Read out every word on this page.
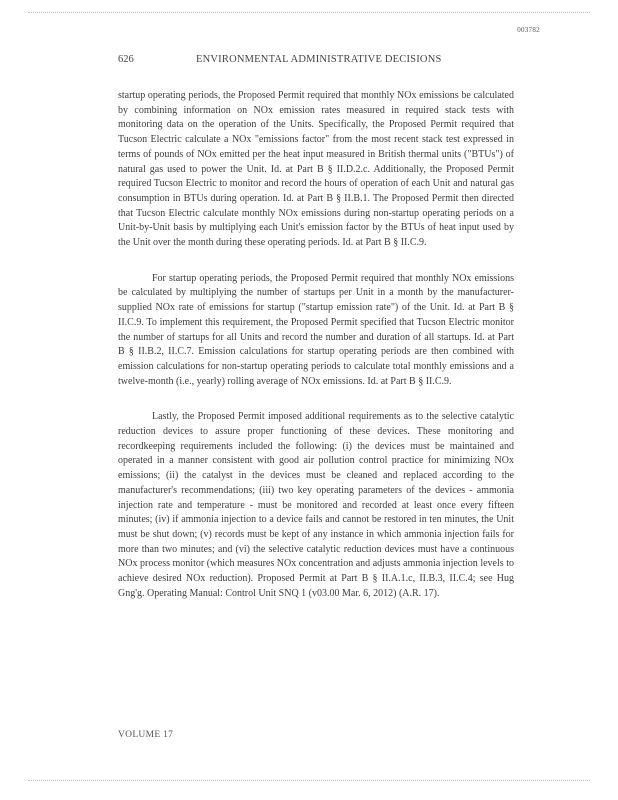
003782
626	ENVIRONMENTAL ADMINISTRATIVE DECISIONS

startup operating periods, the Proposed Permit required that monthly NOx emissions be calculated by combining information on NOx emission rates measured in required stack tests with monitoring data on the operation of the Units. Specifically, the Proposed Permit required that Tucson Electric calculate a NOx "emissions factor" from the most recent stack test expressed in terms of pounds of NOx emitted per the heat input measured in British thermal units ("BTUs") of natural gas used to power the Unit. Id. at Part B § II.D.2.c. Additionally, the Proposed Permit required Tucson Electric to monitor and record the hours of operation of each Unit and natural gas consumption in BTUs during operation. Id. at Part B § II.B.1. The Proposed Permit then directed that Tucson Electric calculate monthly NOx emissions during non-startup operating periods on a Unit-by-Unit basis by multiplying each Unit's emission factor by the BTUs of heat input used by the Unit over the month during these operating periods. Id. at Part B § II.C.9.

For startup operating periods, the Proposed Permit required that monthly NOx emissions be calculated by multiplying the number of startups per Unit in a month by the manufacturer-supplied NOx rate of emissions for startup ("startup emission rate") of the Unit. Id. at Part B § II.C.9. To implement this requirement, the Proposed Permit specified that Tucson Electric monitor the number of startups for all Units and record the number and duration of all startups. Id. at Part B § II.B.2, II.C.7. Emission calculations for startup operating periods are then combined with emission calculations for non-startup operating periods to calculate total monthly emissions and a twelve-month (i.e., yearly) rolling average of NOx emissions. Id. at Part B § II.C.9.

Lastly, the Proposed Permit imposed additional requirements as to the selective catalytic reduction devices to assure proper functioning of these devices. These monitoring and recordkeeping requirements included the following: (i) the devices must be maintained and operated in a manner consistent with good air pollution control practice for minimizing NOx emissions; (ii) the catalyst in the devices must be cleaned and replaced according to the manufacturer's recommendations; (iii) two key operating parameters of the devices - ammonia injection rate and temperature - must be monitored and recorded at least once every fifteen minutes; (iv) if ammonia injection to a device fails and cannot be restored in ten minutes, the Unit must be shut down; (v) records must be kept of any instance in which ammonia injection fails for more than two minutes; and (vi) the selective catalytic reduction devices must have a continuous NOx process monitor (which measures NOx concentration and adjusts ammonia injection levels to achieve desired NOx reduction). Proposed Permit at Part B § II.A.1.c, II.B.3, II.C.4; see Hug Gng'g. Operating Manual: Control Unit SNQ 1 (v03.00 Mar. 6, 2012) (A.R. 17).

VOLUME 17
